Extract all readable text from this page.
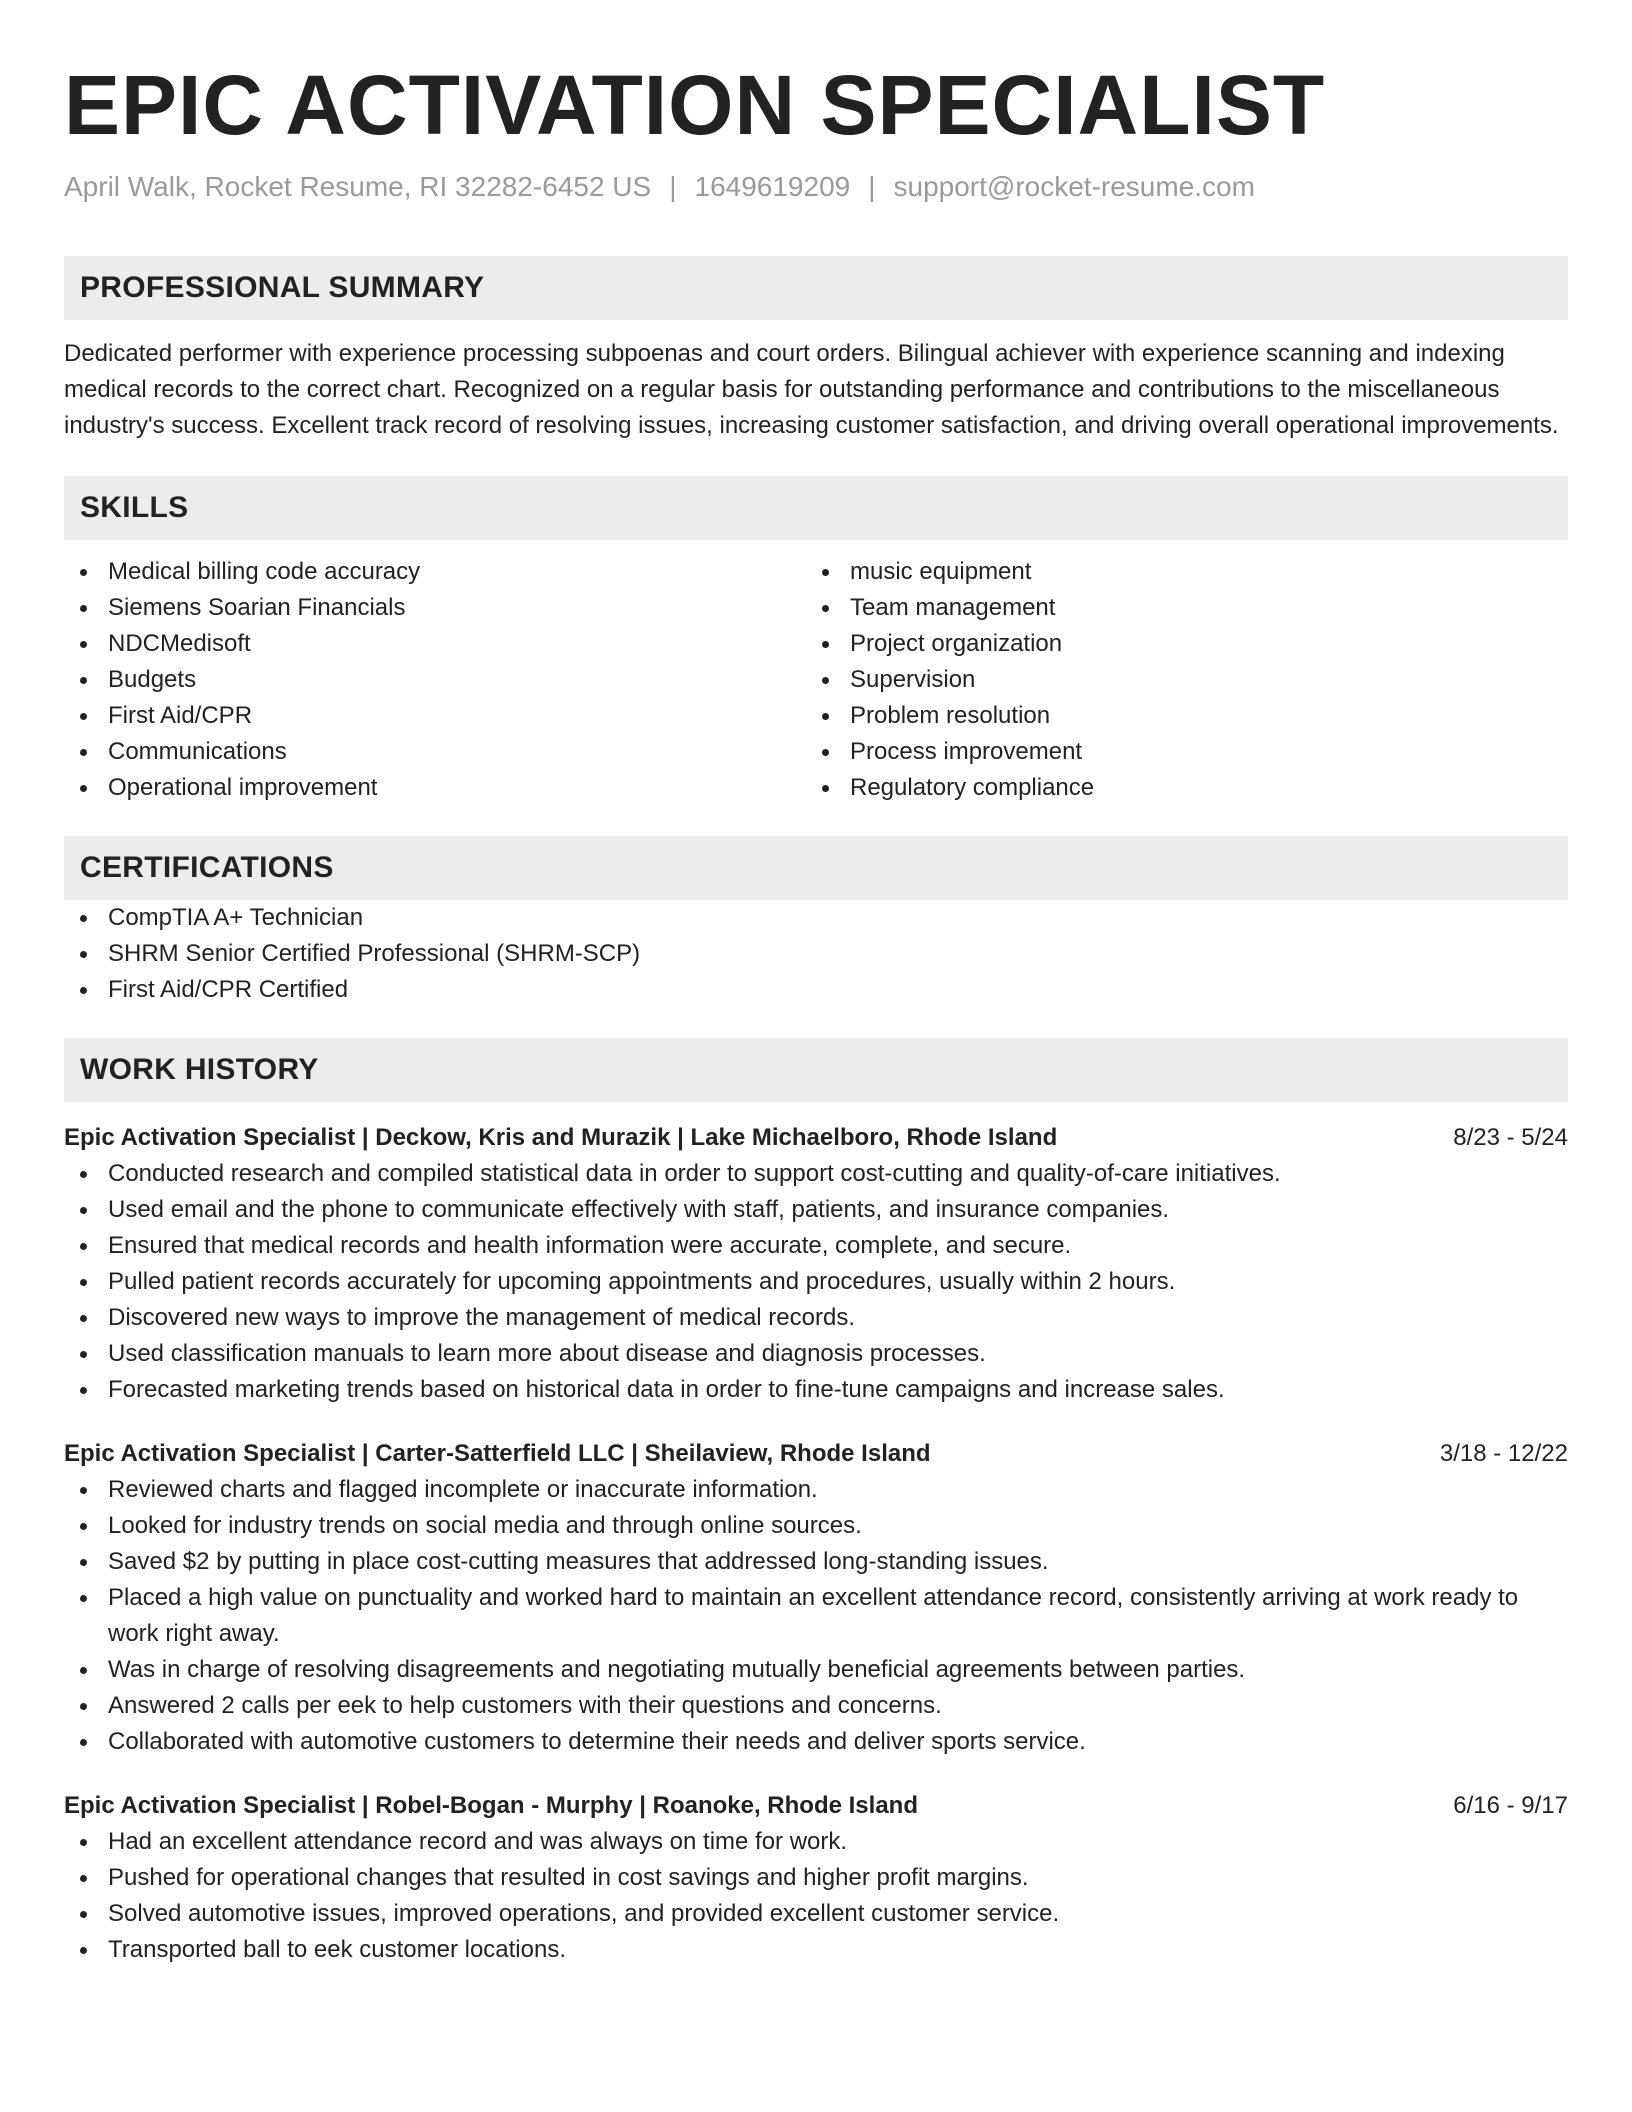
EPIC ACTIVATION SPECIALIST
April Walk, Rocket Resume, RI 32282-6452 US | 1649619209 | support@rocket-resume.com
PROFESSIONAL SUMMARY
Dedicated performer with experience processing subpoenas and court orders. Bilingual achiever with experience scanning and indexing medical records to the correct chart. Recognized on a regular basis for outstanding performance and contributions to the miscellaneous industry's success. Excellent track record of resolving issues, increasing customer satisfaction, and driving overall operational improvements.
SKILLS
Medical billing code accuracy
Siemens Soarian Financials
NDCMedisoft
Budgets
First Aid/CPR
Communications
Operational improvement
music equipment
Team management
Project organization
Supervision
Problem resolution
Process improvement
Regulatory compliance
CERTIFICATIONS
CompTIA A+ Technician
SHRM Senior Certified Professional (SHRM-SCP)
First Aid/CPR Certified
WORK HISTORY
Epic Activation Specialist | Deckow, Kris and Murazik | Lake Michaelboro, Rhode Island	8/23 - 5/24
Conducted research and compiled statistical data in order to support cost-cutting and quality-of-care initiatives.
Used email and the phone to communicate effectively with staff, patients, and insurance companies.
Ensured that medical records and health information were accurate, complete, and secure.
Pulled patient records accurately for upcoming appointments and procedures, usually within 2 hours.
Discovered new ways to improve the management of medical records.
Used classification manuals to learn more about disease and diagnosis processes.
Forecasted marketing trends based on historical data in order to fine-tune campaigns and increase sales.
Epic Activation Specialist | Carter-Satterfield LLC | Sheilaview, Rhode Island	3/18 - 12/22
Reviewed charts and flagged incomplete or inaccurate information.
Looked for industry trends on social media and through online sources.
Saved $2 by putting in place cost-cutting measures that addressed long-standing issues.
Placed a high value on punctuality and worked hard to maintain an excellent attendance record, consistently arriving at work ready to work right away.
Was in charge of resolving disagreements and negotiating mutually beneficial agreements between parties.
Answered 2 calls per eek to help customers with their questions and concerns.
Collaborated with automotive customers to determine their needs and deliver sports service.
Epic Activation Specialist | Robel-Bogan - Murphy | Roanoke, Rhode Island	6/16 - 9/17
Had an excellent attendance record and was always on time for work.
Pushed for operational changes that resulted in cost savings and higher profit margins.
Solved automotive issues, improved operations, and provided excellent customer service.
Transported ball to eek customer locations.
